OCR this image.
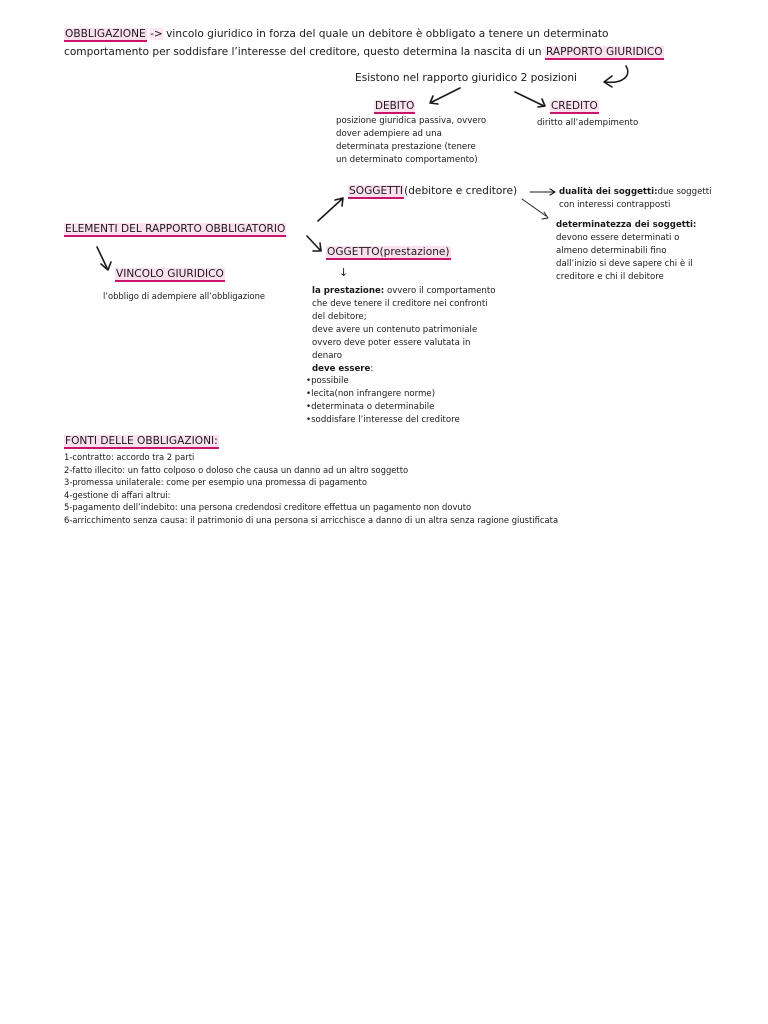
OBBLIGAZIONE -> vincolo giuridico in forza del quale un debitore è obbligato a tenere un determinato
comportamento per soddisfare l’interesse del creditore, questo determina la nascita di un RAPPORTO GIURIDICO
Esistono nel rapporto giuridico 2 posizioni
DEBITO
posizione giuridica passiva, ovvero
dover adempiere ad una
determinata prestazione (tenere
un determinato comportamento)
CREDITO
diritto all’adempimento
SOGGETTI(debitore e creditore)	dualità dei soggetti:due soggetti
con interessi contrapposti
determinatezza dei soggetti:
devono essere determinati o
almeno determinabili fino
dall’inizio si deve sapere chi è il
creditore e chi il debitore
ELEMENTI DEL RAPPORTO OBBLIGATORIO
OGGETTO(prestazione)
↓
la prestazione: ovvero il comportamento
che deve tenere il creditore nei confronti
del debitore;
deve avere un contenuto patrimoniale
ovvero deve poter essere valutata in
denaro
deve essere:
•possibile
•lecita(non infrangere norme)
•determinata o determinabile
•soddisfare l’interesse del creditore
VINCOLO GIURIDICO
l’obbligo di adempiere all’obbligazione
FONTI DELLE OBBLIGAZIONI:
1-contratto: accordo tra 2 parti
2-fatto illecito: un fatto colposo o doloso che causa un danno ad un altro soggetto
3-promessa unilaterale: come per esempio una promessa di pagamento
4-gestione di affari altrui:
5-pagamento dell’indebito: una persona credendosi creditore effettua un pagamento non dovuto
6-arricchimento senza causa: il patrimonio di una persona si arricchisce a danno di un altra senza ragione giustificata
